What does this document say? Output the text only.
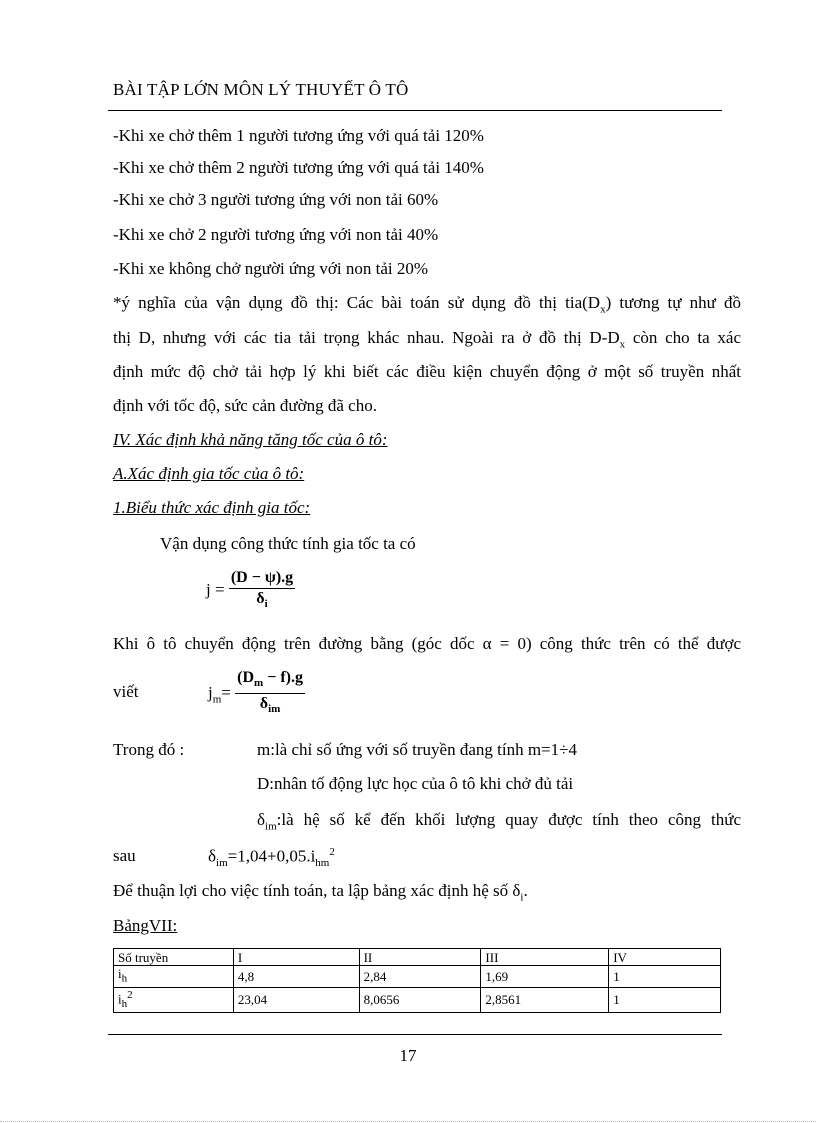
BÀI TẬP LỚN MÔN LÝ THUYẾT Ô TÔ
-Khi xe chở thêm 1 người tương ứng với quá tải 120%
-Khi xe chở thêm 2 người tương ứng với quá tải 140%
-Khi xe chở 3 người tương ứng với non tải 60%
-Khi xe chở 2 người tương ứng với non tải 40%
-Khi xe không chở người ứng với non tải 20%
*ý nghĩa của vận dụng đồ thị: Các bài toán sử dụng đồ thị $tia(D_x)$ tương tự như đồ
thị D, nhưng với các tia tải trọng khác nhau. Ngoài ra ở đồ thị $D-D_x$ còn cho ta xác
định mức độ chở tải hợp lý khi biết các điều kiện chuyển động ở một số truyền nhất
định với tốc độ, sức cản đường đã cho.
IV. Xác định khả năng tăng tốc của ô tô:
A.Xác định gia tốc của ô tô:
1.Biểu thức xác định gia tốc:
Vận dụng công thức tính gia tốc ta có
$j = \frac{(D - \psi).g}{\delta_i}$
Khi ô tô chuyển động trên đường bằng (góc dốc α = 0) công thức trên có thể được
viết	$j_m= \frac{(D_m - f).g}{\delta_{im}}$
Trong đó :	m:là chỉ số ứng với số truyền đang tính m=1÷4
D:nhân tố động lực học của ô tô khi chở đủ tải
$\delta_{im}:là$ hệ số kể đến khối lượng quay được tính theo công thức
sau	$\delta_{im}=1,04+0,05.i_{hm}^2$
Để thuận lợi cho việc tính toán, ta lập bảng xác định hệ số $\delta_i$.
BảngVII:
Số truyền	I	II	III	IV
$i_h$	4,8	2,84	1,69	1
$i_h^2$	23,04	8,0656	2,8561	1
17
